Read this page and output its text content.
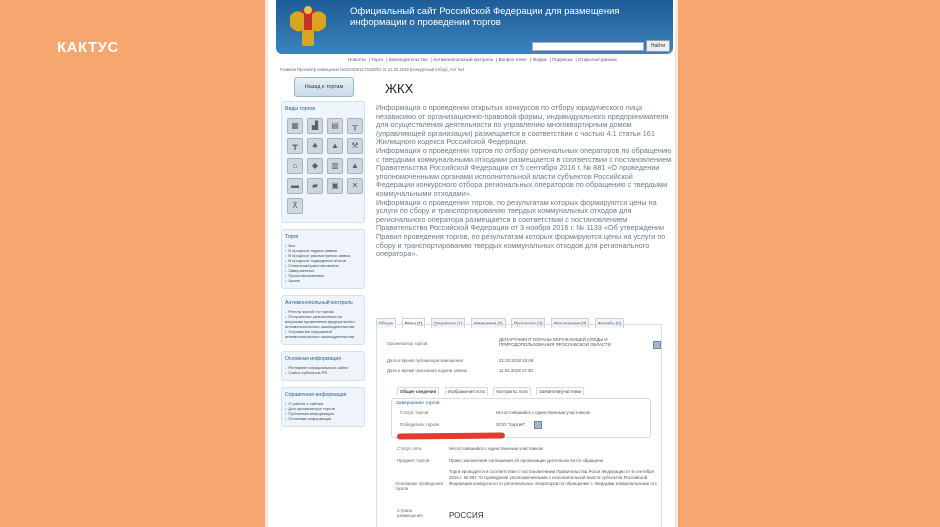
КАКТУС
Официальный сайт Российской Федерации для размещения
информации о проведении торгов
Найти
Новости | Торги | Законодательство | Антимонопольный контроль | Вопрос-ответ | Форум | Подписка | Открытые данные
Главная Просмотр извещения №210318/1173248/01 от 21.03.2018 (конкурсный отбор), лот №1
Назад к торгам
Виды торгов
▦	▟	▤	╥
┳	♣	▲	⚒
⌂	◆	▥	▲
▬	▰	▣	✕
⊼
Торги
• Все
• В процессе подачи заявок
• В процессе рассмотрения заявок
• В процессе подведения итогов
• Отменена/приостановлена
• Завершенные
• Приостановленные
• Архив
Антимонопольный контроль
• Реестр жалоб по торгам
• Полученные разъяснения по вопросам применения федерального антимонопольного законодательства
• Устранение нарушений антимонопольного законодательства
Основная информация
• Регламент официального сайта
• Сайты субъектов РФ
Справочная информация
• О работе с сайтом
• Для организатора торгов
• Публичная информация
• Полезная информация
ЖКХ
Информация о проведении открытых конкурсов по отбору юридического лица независимо от организационно-правовой формы, индивидуального предпринимателя для осуществления деятельности по управлению многоквартирным домом (управляющей организации) размещается в соответствии с частью 4.1 статьи 161 Жилищного кодекса Российской Федерации.
Информация о проведении торгов по отбору региональных операторов по обращению с твердыми коммунальными отходами размещается в соответствии с постановлением Правительства Российской Федерации от 5 сентября 2016 г. № 881 «О проведении уполномоченными органами исполнительной власти субъектов Российской Федерации конкурсного отбора региональных операторов по обращению с твердыми коммунальными отходами».
Информация о проведении торгов, по результатам которых формируются цены на услуги по сбору и транспортированию твердых коммунальных отходов для регионального оператора размещается в соответствии с постановлением Правительства Российской Федерации от 3 ноября 2016 г. № 1133 «Об утверждении Правил проведения торгов, по результатам которых формируются цены на услуги по сбору и транспортированию твердых коммунальных отходов для регионального оператора».
Общие	Лоты (1)	Документы (1)	Изменения (2)	Протоколы (3)	Разъяснения (0)	Жалобы (0)
Организатор торгов
ДЕПАРТАМЕНТ ОХРАНЫ ОКРУЖАЮЩЕЙ СРЕДЫ И ПРИРОДОПОЛЬЗОВАНИЯ ЯРОСЛАВСКОЙ ОБЛАСТИ
Дата и время публикации извещения	21.03.2018 15:49
Дата и время окончания подачи заявок	11.04.2018 17:30
Общие сведения	Изображения лота	Контракты лота	Заявители/участники
Завершение торгов
Статус торгов	Несостоявшийся с единственным участником
Победитель торгов	ООО "Хартия"
Статус лота	Несостоявшийся с единственным участником
Предмет торгов	Право заключения соглашения об организации деятельности по обращени
Основание проведения торгов
Торги проводятся в соответствии с постановлением Правительства Росси Федерации от 5 сентября 2016 г. № 881 "О проведении уполномоченными с исполнительной власти субъектов Российской Федерации конкурсного от региональных операторов по обращению с твердыми коммунальными отх
Страна размещения	РОССИЯ
